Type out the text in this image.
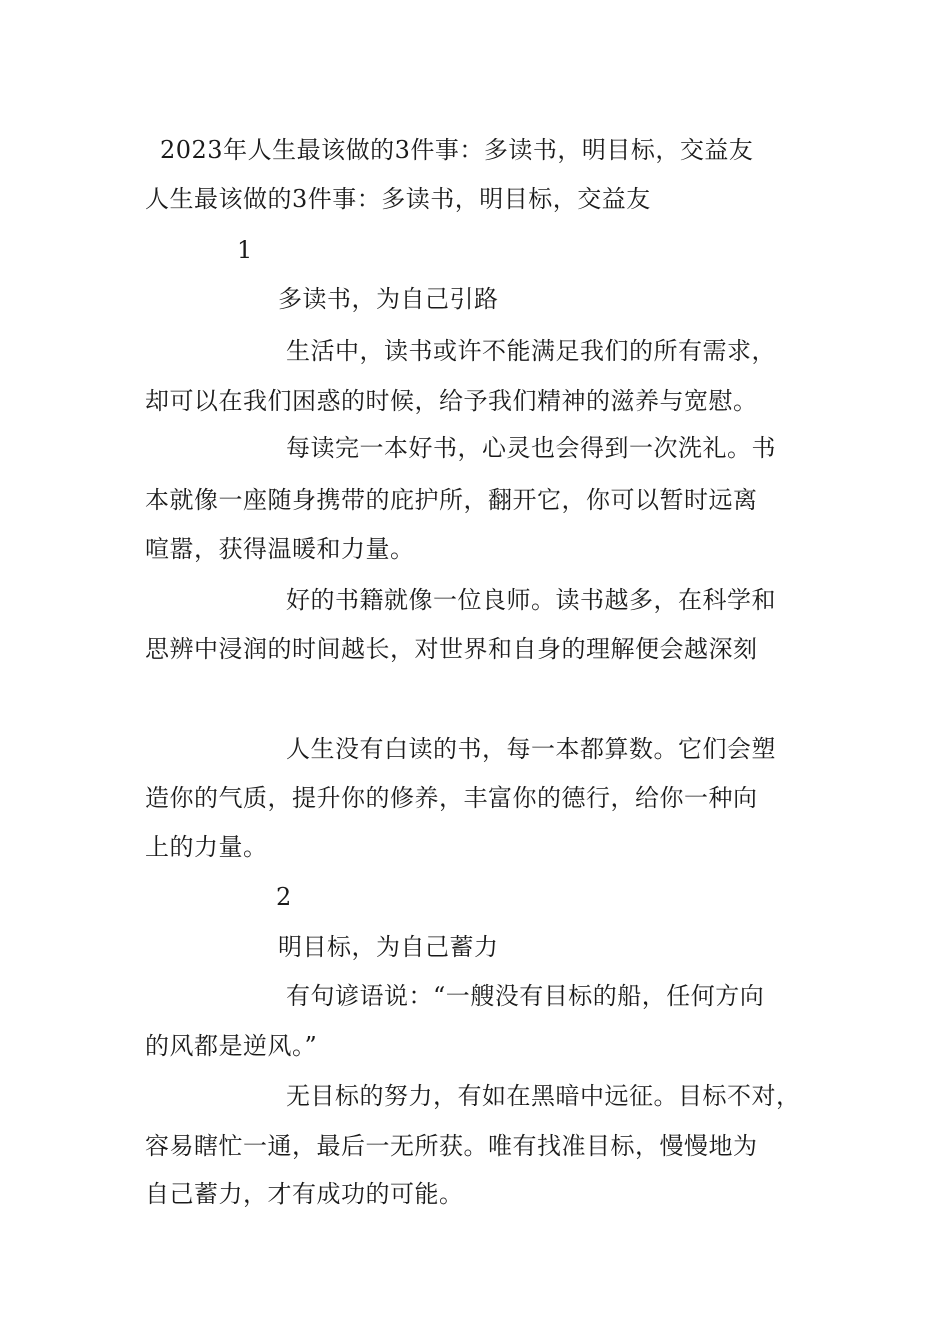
2023年人生最该做的3件事：多读书，明目标，交益友

人生最该做的3件事：多读书，明目标，交益友

1

多读书，为自己引路

生活中，读书或许不能满足我们的所有需求，

却可以在我们困惑的时候，给予我们精神的滋养与宽慰。

每读完一本好书，心灵也会得到一次洗礼。书

本就像一座随身携带的庇护所，翻开它，你可以暂时远离

喧嚣，获得温暖和力量。

好的书籍就像一位良师。读书越多，在科学和

思辨中浸润的时间越长，对世界和自身的理解便会越深刻

人生没有白读的书，每一本都算数。它们会塑

造你的气质，提升你的修养，丰富你的德行，给你一种向

上的力量。

2

明目标，为自己蓄力

有句谚语说：“一艘没有目标的船，任何方向

的风都是逆风。”

无目标的努力，有如在黑暗中远征。目标不对，

容易瞎忙一通，最后一无所获。唯有找准目标，慢慢地为

自己蓄力，才有成功的可能。
